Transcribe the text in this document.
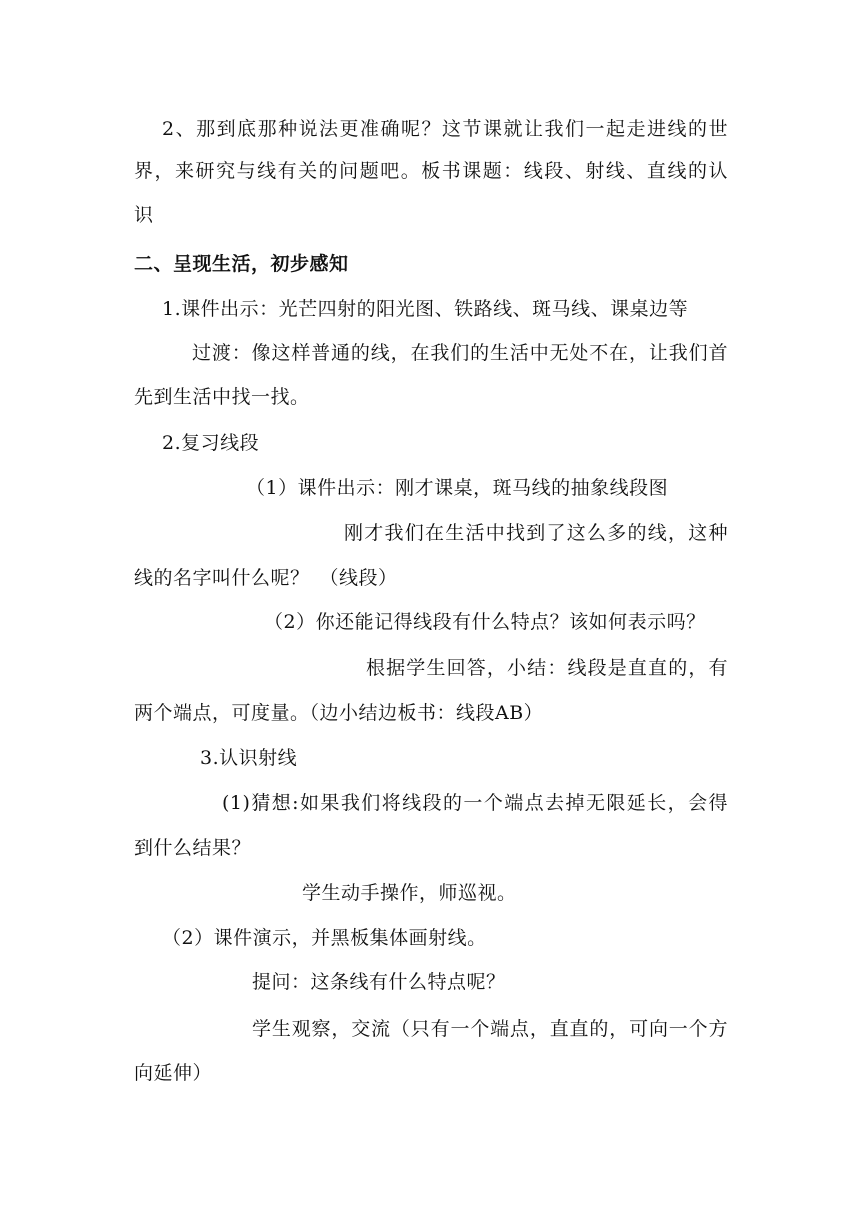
2、那到底那种说法更准确呢？这节课就让我们一起走进线的世
界，来研究与线有关的问题吧。板书课题：线段、射线、直线的认
识
二、呈现生活，初步感知
1.课件出示：光芒四射的阳光图、铁路线、斑马线、课桌边等
过渡：像这样普通的线，在我们的生活中无处不在，让我们首
先到生活中找一找。
2.复习线段
（1）课件出示：刚才课桌，斑马线的抽象线段图
刚才我们在生活中找到了这么多的线，这种
线的名字叫什么呢？　（线段）
（2）你还能记得线段有什么特点？该如何表示吗？
根据学生回答，小结：线段是直直的，有
两个端点，可度量。（边小结边板书：线段AB）
3.认识射线
(1)猜想:如果我们将线段的一个端点去掉无限延长，会得
到什么结果？
学生动手操作，师巡视。
（2）课件演示，并黑板集体画射线。
提问：这条线有什么特点呢？
学生观察，交流（只有一个端点，直直的，可向一个方
向延伸）
